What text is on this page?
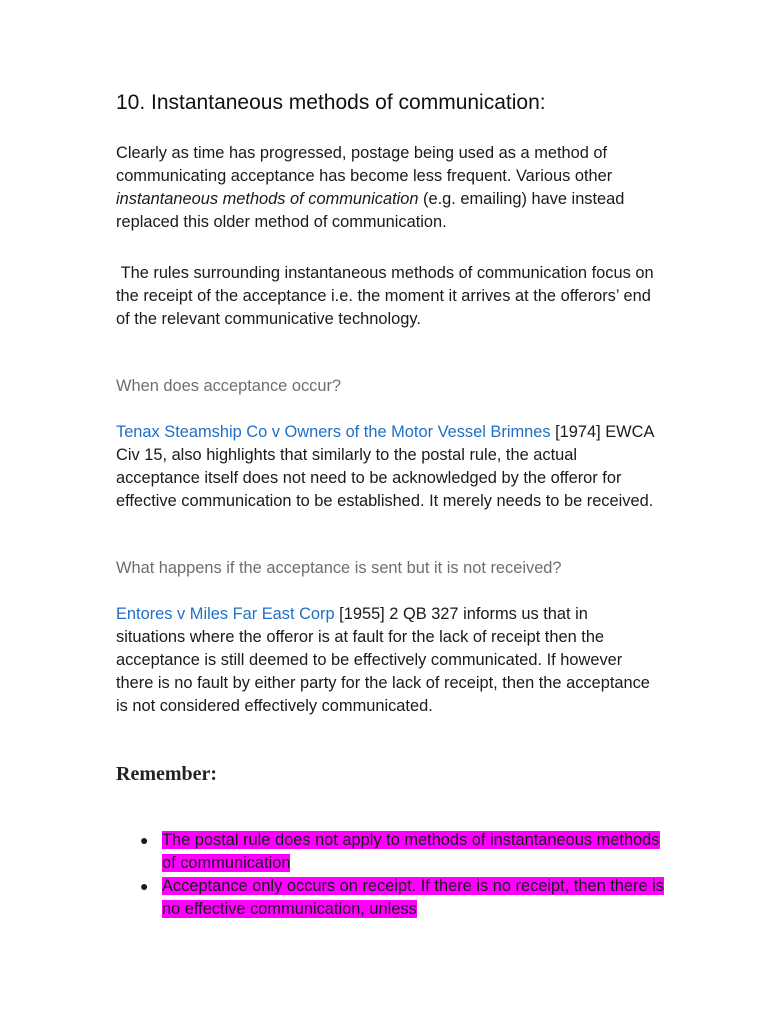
10. Instantaneous methods of communication:
Clearly as time has progressed, postage being used as a method of communicating acceptance has become less frequent. Various other instantaneous methods of communication (e.g. emailing) have instead replaced this older method of communication.
The rules surrounding instantaneous methods of communication focus on the receipt of the acceptance i.e. the moment it arrives at the offerors’ end of the relevant communicative technology.
When does acceptance occur?
Tenax Steamship Co v Owners of the Motor Vessel Brimnes [1974] EWCA Civ 15, also highlights that similarly to the postal rule, the actual acceptance itself does not need to be acknowledged by the offeror for effective communication to be established. It merely needs to be received.
What happens if the acceptance is sent but it is not received?
Entores v Miles Far East Corp [1955] 2 QB 327 informs us that in situations where the offeror is at fault for the lack of receipt then the acceptance is still deemed to be effectively communicated. If however there is no fault by either party for the lack of receipt, then the acceptance is not considered effectively communicated.
Remember:
● The postal rule does not apply to methods of instantaneous methods of communication
● Acceptance only occurs on receipt. If there is no receipt, then there is no effective communication, unless
